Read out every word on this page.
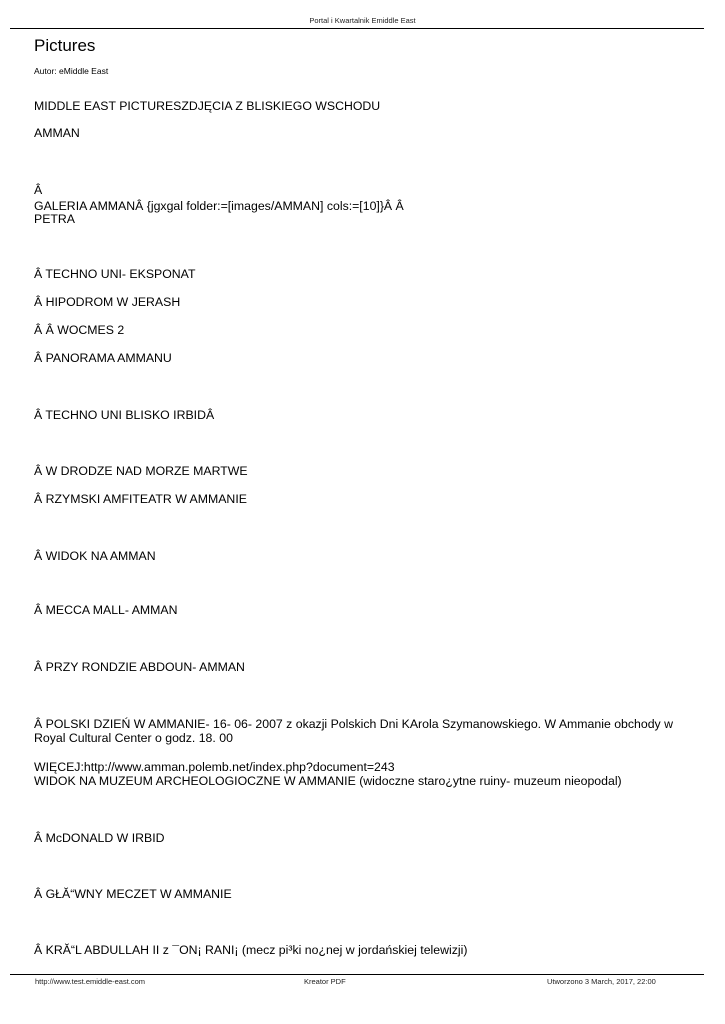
Portal i Kwartalnik Emiddle East
Pictures
Autor: eMiddle East
MIDDLE EAST PICTURESZDJĘCIA Z BLISKIEGO WSCHODU
AMMAN
Â
GALERIA AMMANÂ {jgxgal folder:=[images/AMMAN] cols:=[10]}Â Â
PETRA
Â TECHNO UNI- EKSPONAT
Â HIPODROM W JERASH
Â Â WOCMES 2
Â PANORAMA AMMANU
Â TECHNO UNI BLISKO IRBIDÂ
Â W DRODZE NAD MORZE MARTWE
Â RZYMSKI AMFITEATR W AMMANIE
Â WIDOK NA AMMAN
Â MECCA MALL- AMMAN
Â PRZY RONDZIE ABDOUN- AMMAN
Â POLSKI DZIEŃ W AMMANIE- 16- 06- 2007 z okazji Polskich Dni KArola Szymanowskiego. W Ammanie obchody w Royal Cultural Center o godz. 18. 00
WIĘCEJ:http://www.amman.polemb.net/index.php?document=243
WIDOK NA MUZEUM ARCHEOLOGIOCZNE W AMMANIE (widoczne staro¿ytne ruiny- muzeum nieopodal)
Â McDONALD W IRBID
Â GŁĂ“WNY MECZET W AMMANIE
Â KRĂ“L ABDULLAH II z ¯ON¡ RANI¡ (mecz pi³ki no¿nej w jordańskiej telewizji)
http://www.test.emiddle-east.com	Kreator PDF	Utworzono 3 March, 2017, 22:00
